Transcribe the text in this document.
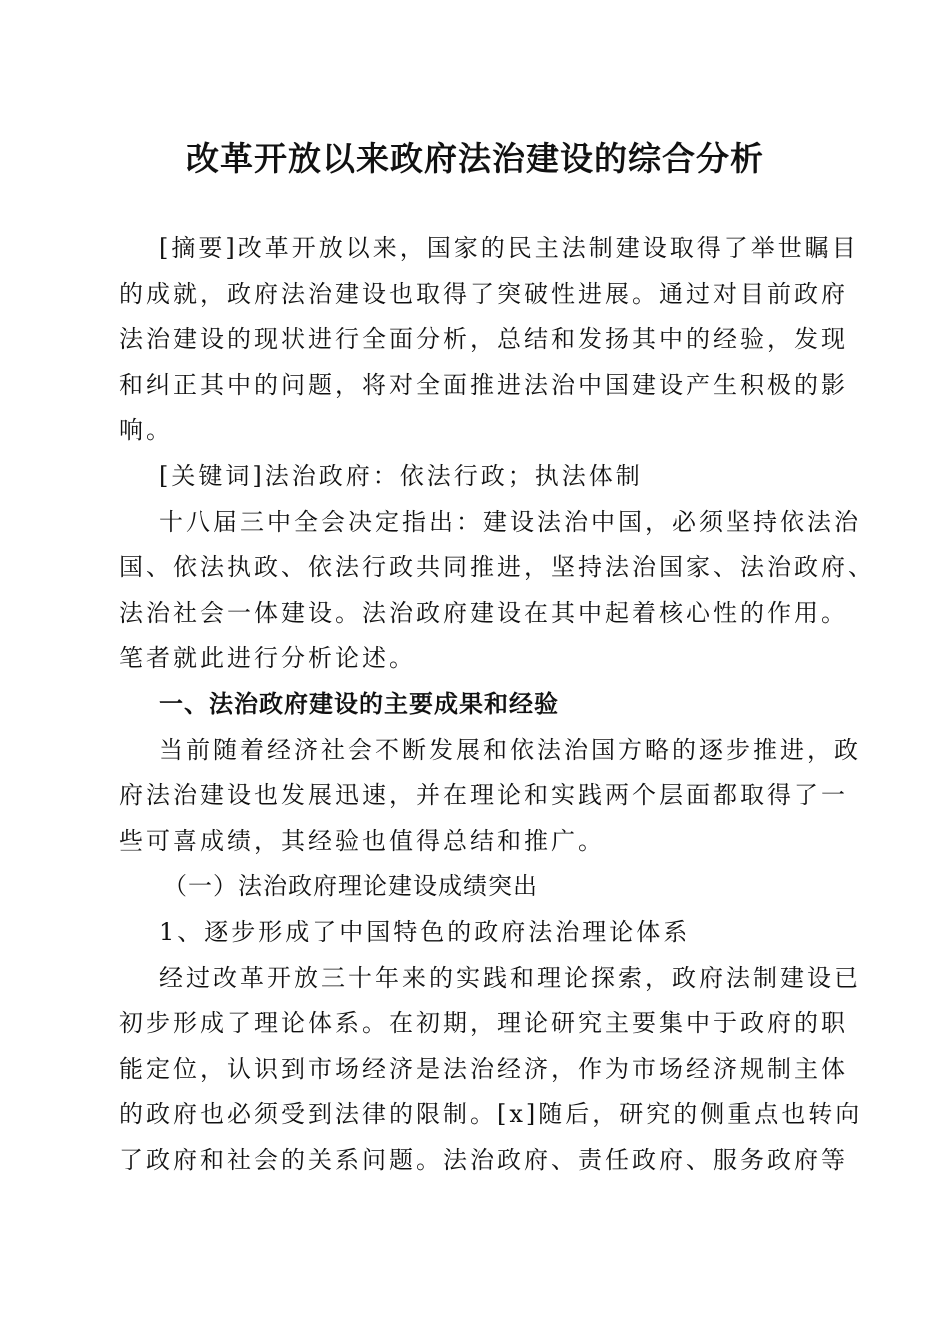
改革开放以来政府法治建设的综合分析
[摘要]改革开放以来，国家的民主法制建设取得了举世瞩目
的成就，政府法治建设也取得了突破性进展。通过对目前政府
法治建设的现状进行全面分析，总结和发扬其中的经验，发现
和纠正其中的问题，将对全面推进法治中国建设产生积极的影
响。
[关键词]法治政府：依法行政；执法体制
十八届三中全会决定指出：建设法治中国，必须坚持依法治
国、依法执政、依法行政共同推进，坚持法治国家、法治政府、
法治社会一体建设。法治政府建设在其中起着核心性的作用。
笔者就此进行分析论述。
一、法治政府建设的主要成果和经验
当前随着经济社会不断发展和依法治国方略的逐步推进，政
府法治建设也发展迅速，并在理论和实践两个层面都取得了一
些可喜成绩，其经验也值得总结和推广。
（一）法治政府理论建设成绩突出
1、逐步形成了中国特色的政府法治理论体系
经过改革开放三十年来的实践和理论探索，政府法制建设已
初步形成了理论体系。在初期，理论研究主要集中于政府的职
能定位，认识到市场经济是法治经济，作为市场经济规制主体
的政府也必须受到法律的限制。[x]随后，研究的侧重点也转向
了政府和社会的关系问题。法治政府、责任政府、服务政府等
